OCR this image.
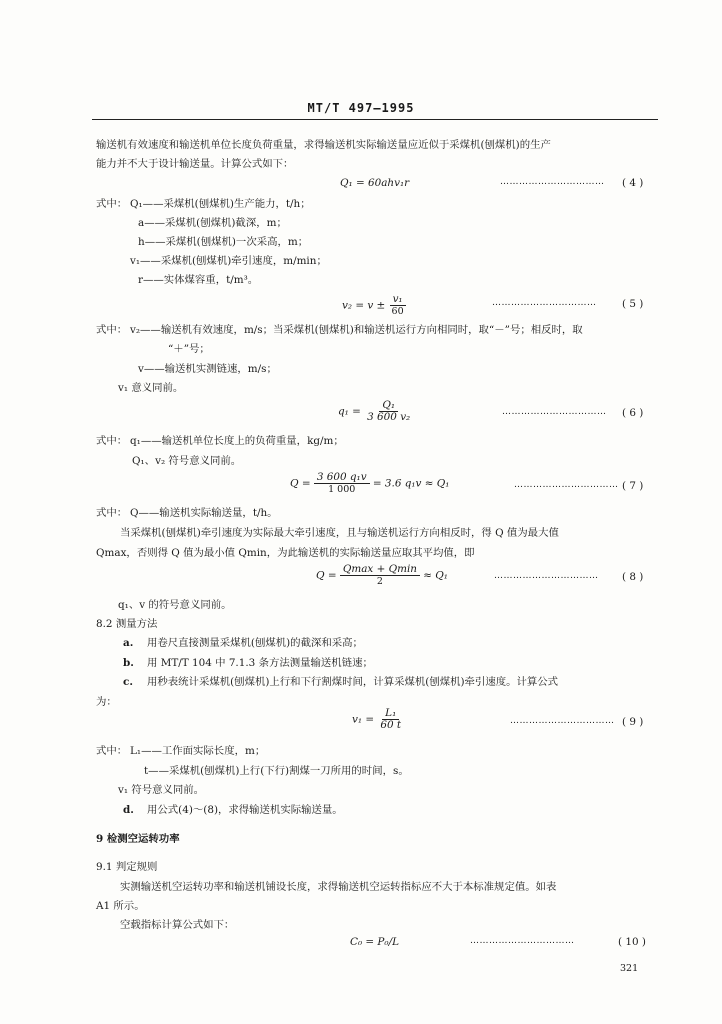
MT/T 497—1995
输送机有效速度和输送机单位长度负荷重量，求得输送机实际输送量应近似于采煤机(刨煤机)的生产
能力并不大于设计输送量。计算公式如下：
Q₁ = 60ahv₁r	…………………………… ( 4 )
式中： Q₁——采煤机(刨煤机)生产能力，t/h；
a——采煤机(刨煤机)截深，m；
h——采煤机(刨煤机)一次采高，m；
v₁——采煤机(刨煤机)牵引速度，m/min；
r——实体煤容重，t/m³。
$v_2 = v \pm \frac{\text{v₁}}{60}$	…………………………… ( 5 )
式中： v₂——输送机有效速度，m/s；当采煤机(刨煤机)和输送机运行方向相同时，取“－”号；相反时，取
“＋”号；
v——输送机实测链速，m/s；
v₁ 意义同前。
$q_1 = \frac{\text{Q₁}}{\text{3 600 v₂}}$	…………………………… ( 6 )
式中： q₁——输送机单位长度上的负荷重量，kg/m；
Q₁、v₂ 符号意义同前。
$Q = \frac{\text{3 600 q₁v}}{1 000} = 3.6$ q₁v ≈ Q₁	…………………………… ( 7 )
式中： Q——输送机实际输送量，t/h。
当采煤机(刨煤机)牵引速度为实际最大牵引速度，且与输送机运行方向相反时，得 Q 值为最大值
Qmax，否则得 Q 值为最小值 Qmin，为此输送机的实际输送量应取其平均值，即
$Q = \frac{Qmax + Qmin}{2} \approx Q_1$	…………………………… ( 8 )
q₁、v 的符号意义同前。
8.2 测量方法
a. 用卷尺直接测量采煤机(刨煤机)的截深和采高；
b. 用 MT/T 104 中 7.1.3 条方法测量输送机链速；
c. 用秒表统计采煤机(刨煤机)上行和下行割煤时间，计算采煤机(刨煤机)牵引速度。计算公式
为：
$v_1 = \frac{\text{L₁}}{60 t}$	…………………………… ( 9 )
式中： L₁——工作面实际长度，m；
t——采煤机(刨煤机)上行(下行)割煤一刀所用的时间，s。
v₁ 符号意义同前。
d. 用公式(4)～(8)，求得输送机实际输送量。
9 检测空运转功率
9.1 判定规则
实测输送机空运转功率和输送机铺设长度，求得输送机空运转指标应不大于本标准规定值。如表
A1 所示。
空载指标计算公式如下：
C₀ = P₀/L	……………………………	( 10 )
321
